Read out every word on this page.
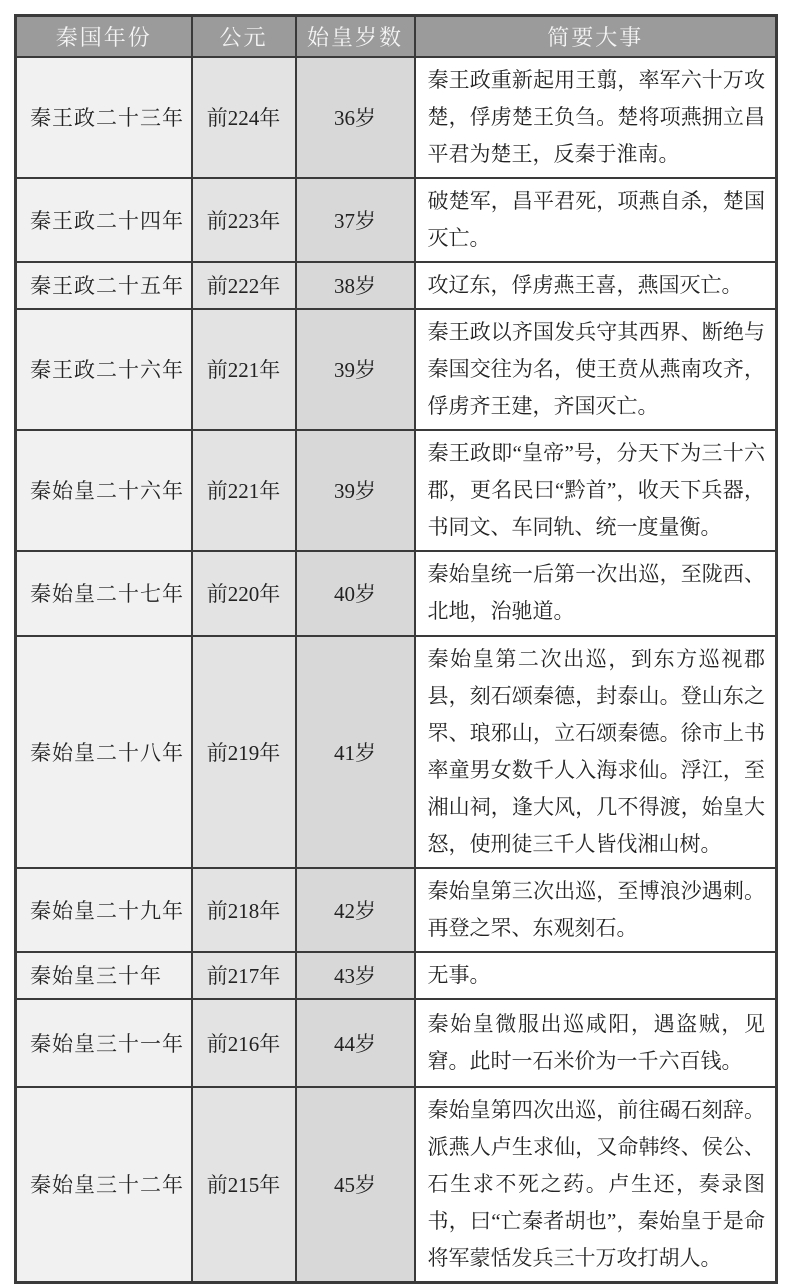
秦国年份	公元	始皇岁数	简要大事
秦王政二十三年	前224年	36岁	秦王政重新起用王翦，率军六十万攻楚，俘虏楚王负刍。楚将项燕拥立昌平君为楚王，反秦于淮南。
秦王政二十四年	前223年	37岁	破楚军，昌平君死，项燕自杀，楚国灭亡。
秦王政二十五年	前222年	38岁	攻辽东，俘虏燕王喜，燕国灭亡。
秦王政二十六年	前221年	39岁	秦王政以齐国发兵守其西界、断绝与秦国交往为名，使王贲从燕南攻齐，俘虏齐王建，齐国灭亡。
秦始皇二十六年	前221年	39岁	秦王政即“皇帝”号，分天下为三十六郡，更名民曰“黔首”，收天下兵器，书同文、车同轨、统一度量衡。
秦始皇二十七年	前220年	40岁	秦始皇统一后第一次出巡，至陇西、北地，治驰道。
秦始皇二十八年	前219年	41岁	秦始皇第二次出巡，到东方巡视郡县，刻石颂秦德，封泰山。登山东之罘、琅邪山，立石颂秦德。徐市上书率童男女数千人入海求仙。浮江，至湘山祠，逢大风，几不得渡，始皇大怒，使刑徒三千人皆伐湘山树。
秦始皇二十九年	前218年	42岁	秦始皇第三次出巡，至博浪沙遇刺。再登之罘、东观刻石。
秦始皇三十年	前217年	43岁	无事。
秦始皇三十一年	前216年	44岁	秦始皇微服出巡咸阳，遇盗贼，见窘。此时一石米价为一千六百钱。
秦始皇三十二年	前215年	45岁	秦始皇第四次出巡，前往碣石刻辞。派燕人卢生求仙，又命韩终、侯公、石生求不死之药。卢生还，奏录图书，曰“亡秦者胡也”，秦始皇于是命将军蒙恬发兵三十万攻打胡人。
